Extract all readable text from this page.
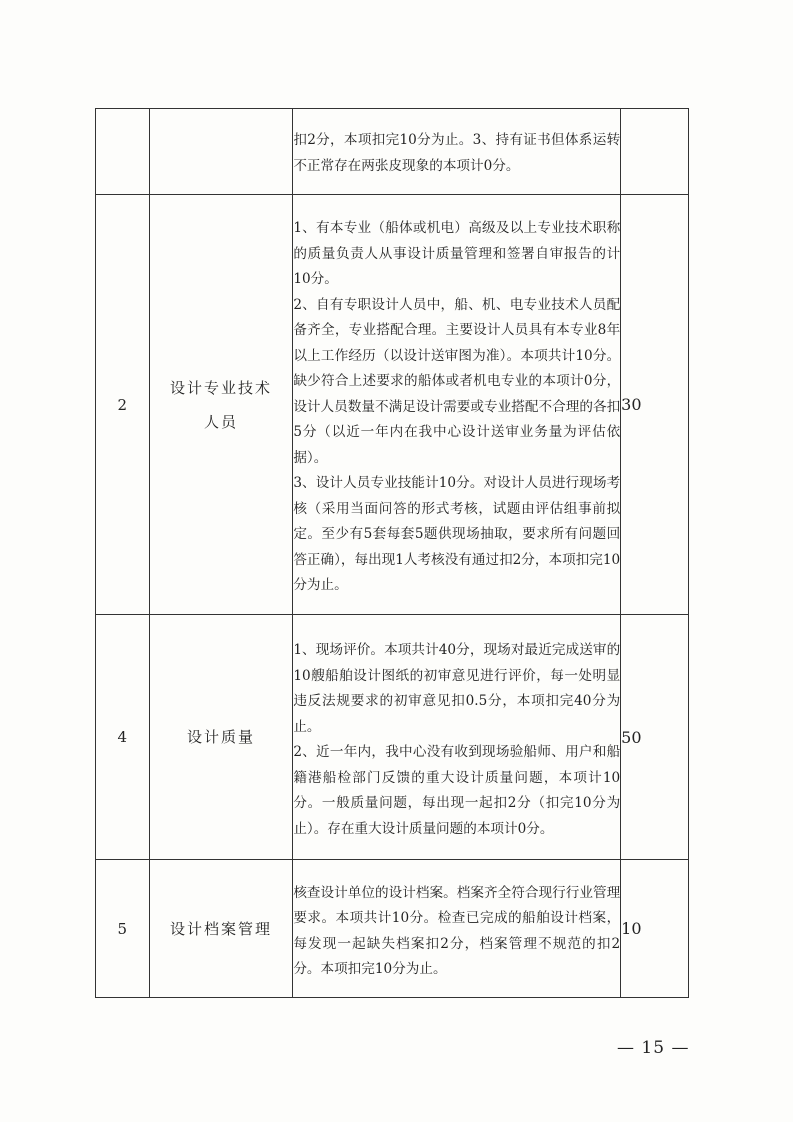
		扣2分，本项扣完10分为止。3、持有证书但体系运转不正常存在两张皮现象的本项计0分。	

2	设计专业技术
人员	1、有本专业（船体或机电）高级及以上专业技术职称的质量负责人从事设计质量管理和签署自审报告的计10分。
2、自有专职设计人员中，船、机、电专业技术人员配备齐全，专业搭配合理。主要设计人员具有本专业8年以上工作经历（以设计送审图为准）。本项共计10分。缺少符合上述要求的船体或者机电专业的本项计0分，设计人员数量不满足设计需要或专业搭配不合理的各扣5分（以近一年内在我中心设计送审业务量为评估依据）。
3、设计人员专业技能计10分。对设计人员进行现场考核（采用当面问答的形式考核，试题由评估组事前拟定。至少有5套每套5题供现场抽取，要求所有问题回答正确），每出现1人考核没有通过扣2分，本项扣完10分为止。	30
4	设计质量	1、现场评价。本项共计40分，现场对最近完成送审的10艘船舶设计图纸的初审意见进行评价，每一处明显违反法规要求的初审意见扣0.5分，本项扣完40分为止。
2、近一年内，我中心没有收到现场验船师、用户和船籍港船检部门反馈的重大设计质量问题，本项计10分。一般质量问题，每出现一起扣2分（扣完10分为止）。存在重大设计质量问题的本项计0分。	50
5	设计档案管理	核查设计单位的设计档案。档案齐全符合现行行业管理要求。本项共计10分。检查已完成的船舶设计档案，每发现一起缺失档案扣2分，档案管理不规范的扣2分。本项扣完10分为止。	10
— 15 —
